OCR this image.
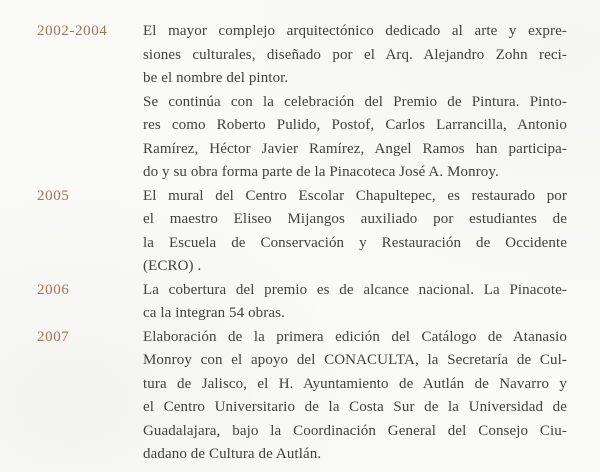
2002-2004	El mayor complejo arquitectónico dedicado al arte y expre-
siones culturales, diseñado por el Arq. Alejandro Zohn reci-
be el nombre del pintor.
Se continúa con la celebración del Premio de Pintura. Pinto-
res como Roberto Pulido, Postof, Carlos Larrancilla, Antonio
Ramírez, Héctor Javier Ramírez, Angel Ramos han participa-
do y su obra forma parte de la Pinacoteca José A. Monroy.
2005	El mural del Centro Escolar Chapultepec, es restaurado por
el maestro Eliseo Mijangos auxiliado por estudiantes de
la Escuela de Conservación y Restauración de Occidente
(ECRO) .
2006	La cobertura del premio es de alcance nacional. La Pinacote-
ca la integran 54 obras.
2007	Elaboración de la primera edición del Catálogo de Atanasio
Monroy con el apoyo del CONACULTA, la Secretaría de Cul-
tura de Jalisco, el H. Ayuntamiento de Autlán de Navarro y
el Centro Universitario de la Costa Sur de la Universidad de
Guadalajara, bajo la Coordinación General del Consejo Ciu-
dadano de Cultura de Autlán.
